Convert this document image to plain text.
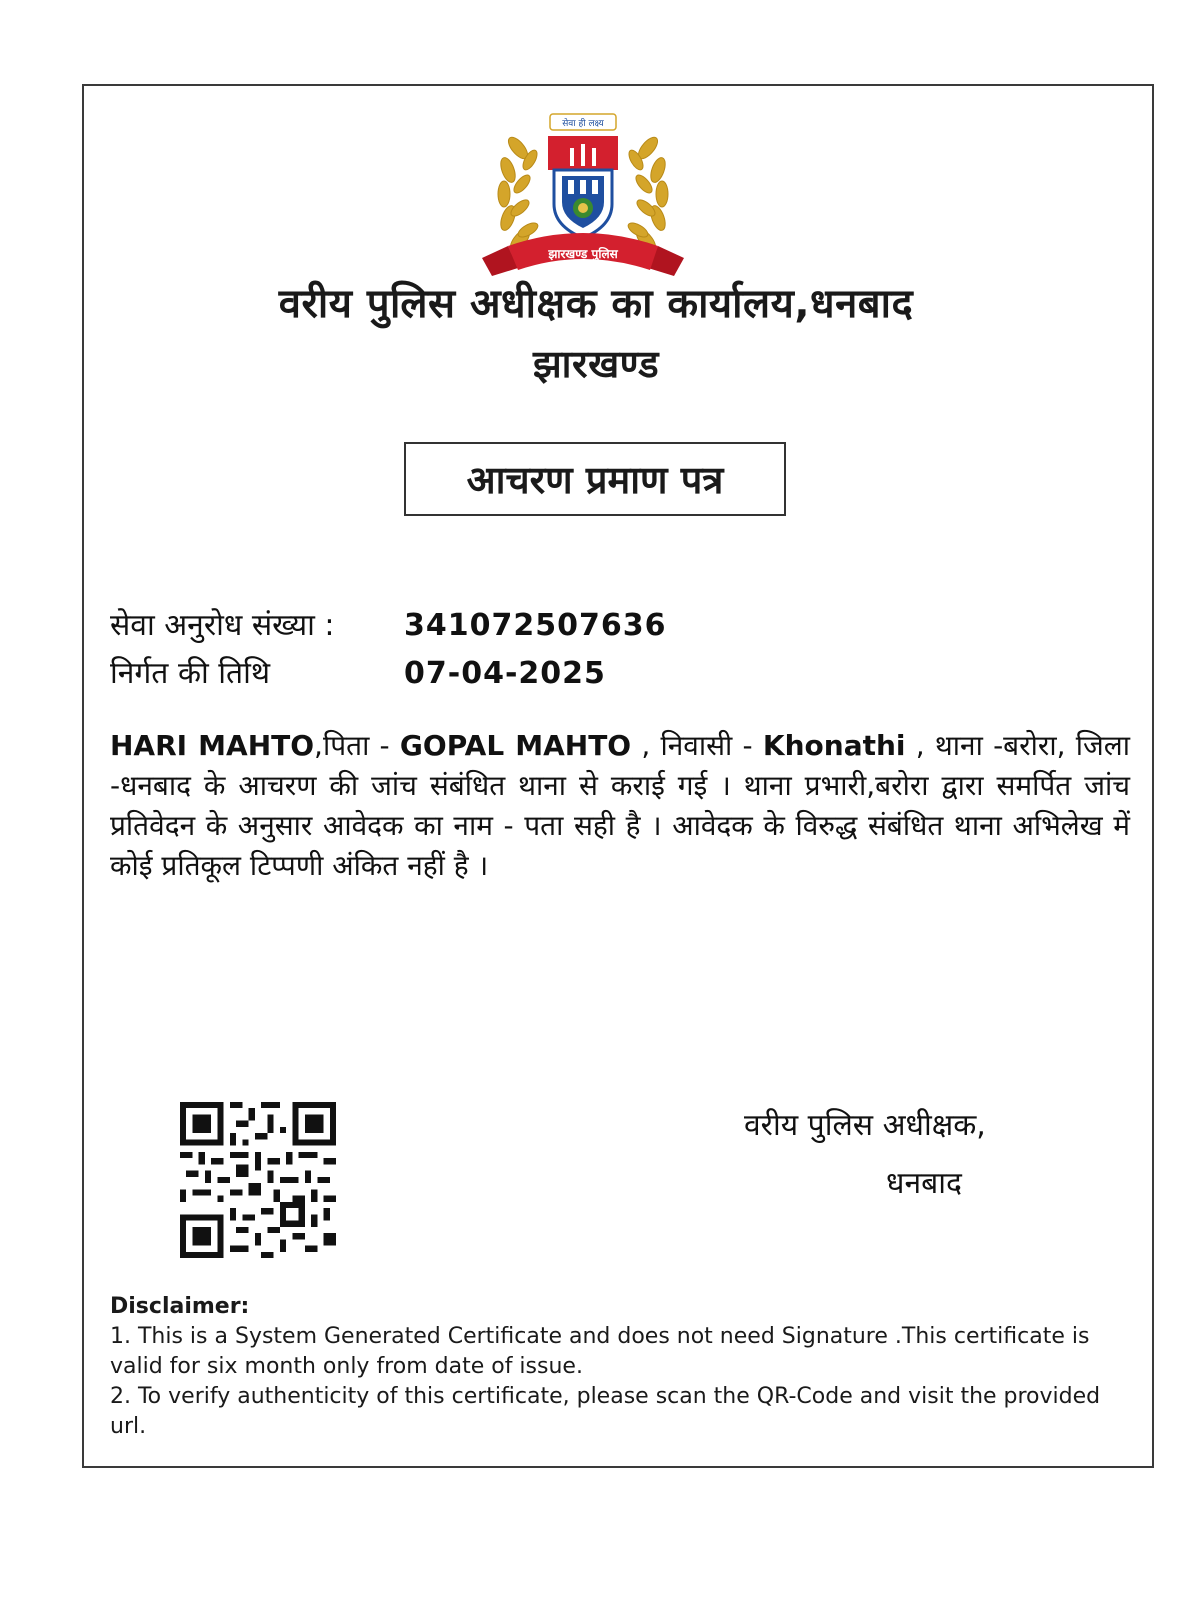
सेवा ही लक्ष्य
झारखण्ड पुलिस
वरीय पुलिस अधीक्षक का कार्यालय,धनबाद
झारखण्ड
आचरण प्रमाण पत्र
सेवा अनुरोध संख्या : 341072507636
निर्गत की तिथि	07-04-2025
HARI MAHTO,पिता - GOPAL MAHTO , निवासी - Khonathi , थाना -बरोरा, जिला -धनबाद के आचरण की जांच संबंधित थाना से कराई गई । थाना प्रभारी,बरोरा द्वारा समर्पित जांच प्रतिवेदन के अनुसार आवेदक का नाम - पता सही है । आवेदक के विरुद्ध संबंधित थाना अभिलेख में कोई प्रतिकूल टिप्पणी अंकित नहीं है ।
वरीय पुलिस अधीक्षक,
धनबाद
Disclaimer:
1. This is a System Generated Certificate and does not need Signature .This certificate is valid for six month only from date of issue.
2. To verify authenticity of this certificate, please scan the QR-Code and visit the provided url.
